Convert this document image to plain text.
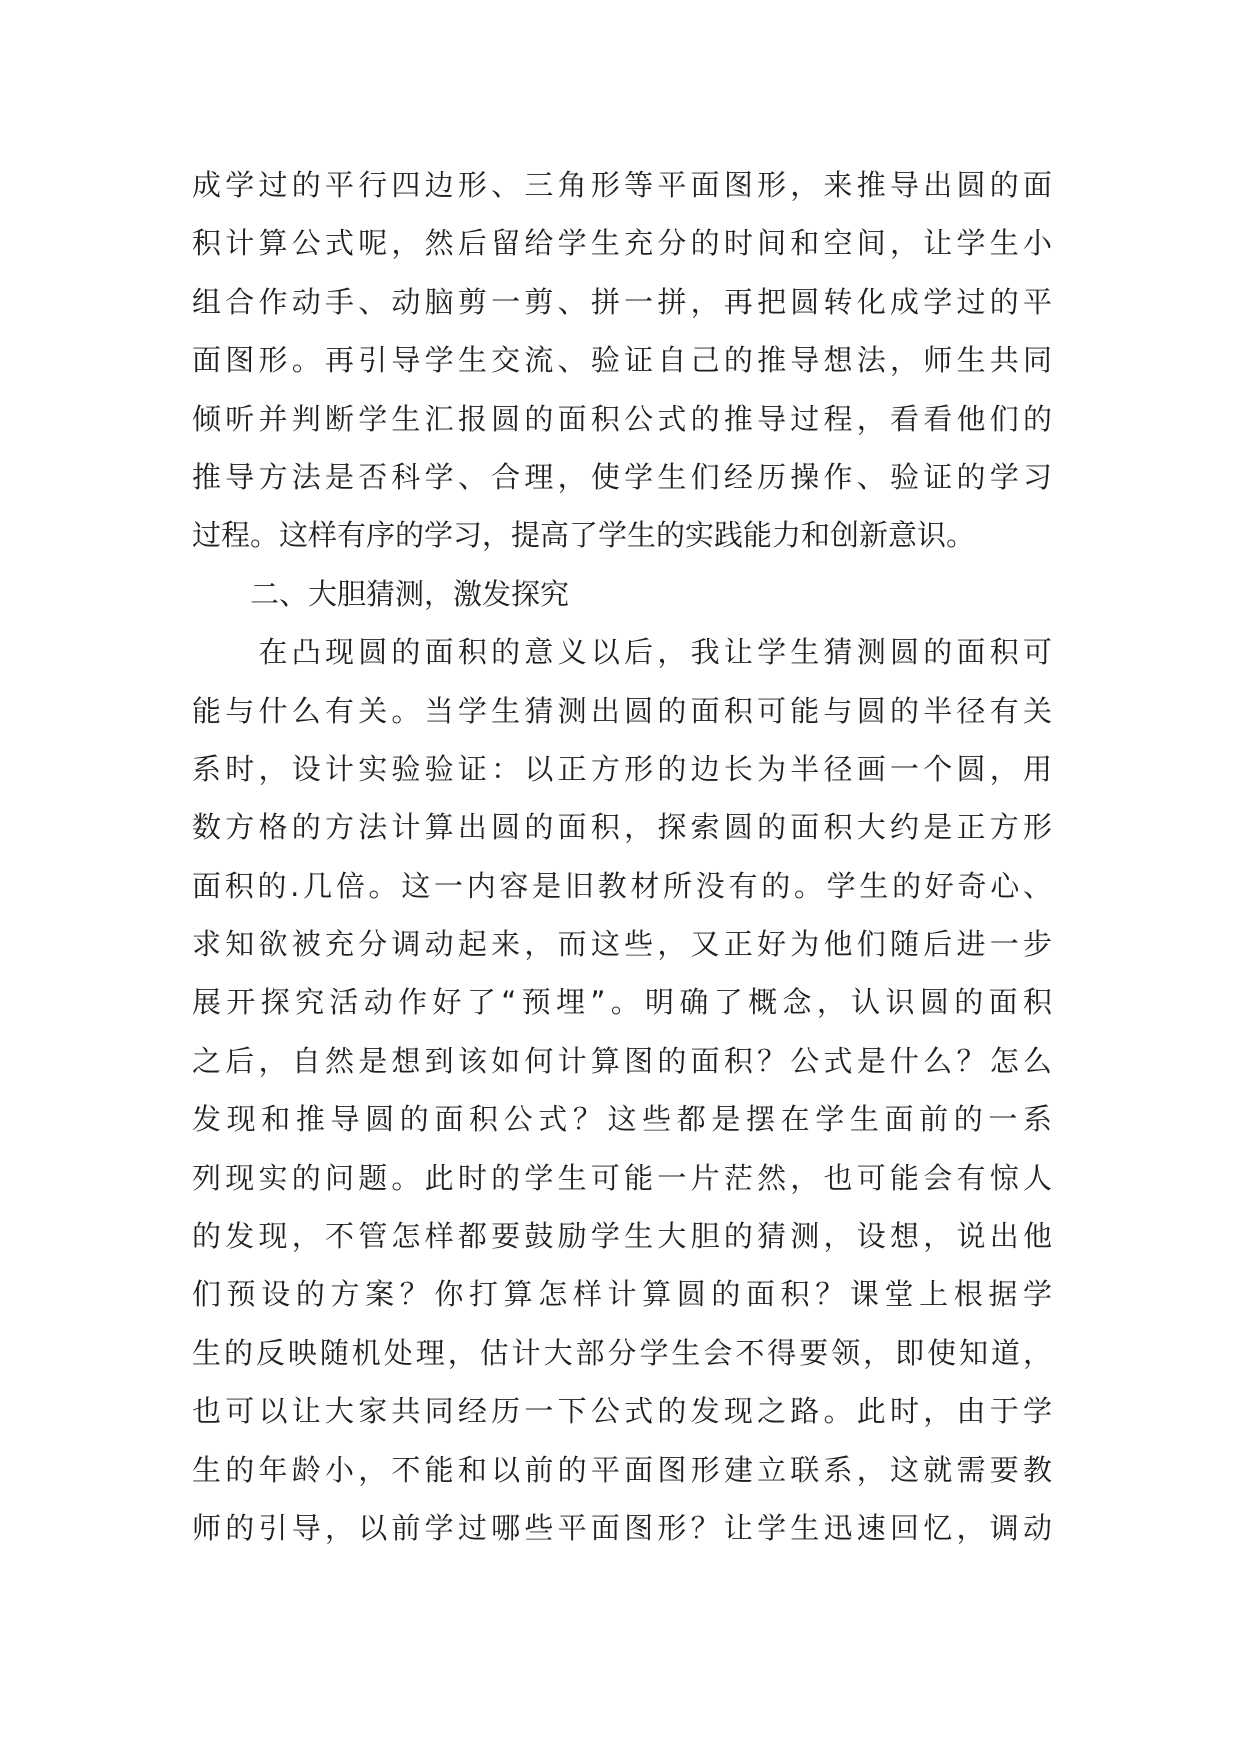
成学过的平行四边形、三角形等平面图形，来推导出圆的面
积计算公式呢，然后留给学生充分的时间和空间，让学生小
组合作动手、动脑剪一剪、拼一拼，再把圆转化成学过的平
面图形。再引导学生交流、验证自己的推导想法，师生共同
倾听并判断学生汇报圆的面积公式的推导过程，看看他们的
推导方法是否科学、合理，使学生们经历操作、验证的学习
过程。这样有序的学习，提高了学生的实践能力和创新意识。
　　二、大胆猜测，激发探究
　　在凸现圆的面积的意义以后，我让学生猜测圆的面积可
能与什么有关。当学生猜测出圆的面积可能与圆的半径有关
系时，设计实验验证：以正方形的边长为半径画一个圆，用
数方格的方法计算出圆的面积，探索圆的面积大约是正方形
面积的.几倍。这一内容是旧教材所没有的。学生的好奇心、
求知欲被充分调动起来，而这些，又正好为他们随后进一步
展开探究活动作好了“预埋”。明确了概念，认识圆的面积
之后，自然是想到该如何计算图的面积？公式是什么？怎么
发现和推导圆的面积公式？这些都是摆在学生面前的一系
列现实的问题。此时的学生可能一片茫然，也可能会有惊人
的发现，不管怎样都要鼓励学生大胆的猜测，设想，说出他
们预设的方案？你打算怎样计算圆的面积？课堂上根据学
生的反映随机处理，估计大部分学生会不得要领，即使知道，
也可以让大家共同经历一下公式的发现之路。此时，由于学
生的年龄小，不能和以前的平面图形建立联系，这就需要教
师的引导，以前学过哪些平面图形？让学生迅速回忆，调动
